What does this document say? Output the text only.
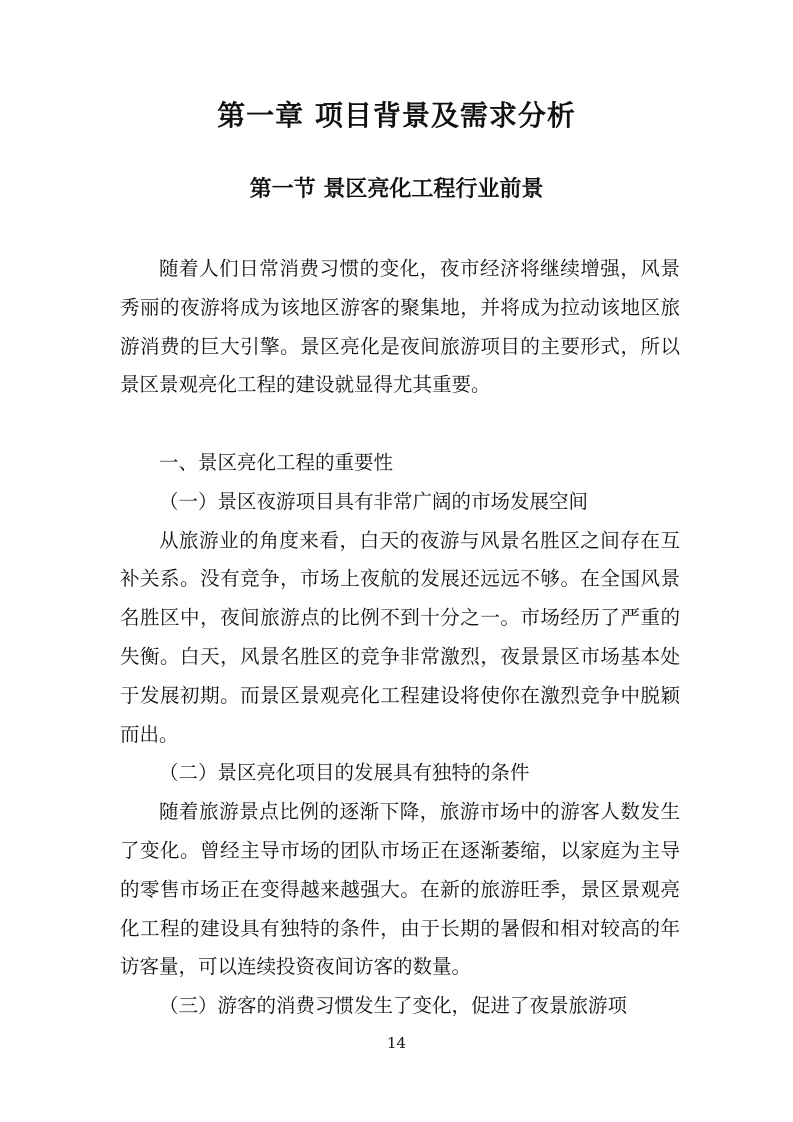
第一章 项目背景及需求分析
第一节 景区亮化工程行业前景

随着人们日常消费习惯的变化，夜市经济将继续增强，风景秀丽的夜游将成为该地区游客的聚集地，并将成为拉动该地区旅游消费的巨大引擎。景区亮化是夜间旅游项目的主要形式，所以景区景观亮化工程的建设就显得尤其重要。

一、景区亮化工程的重要性

（一）景区夜游项目具有非常广阔的市场发展空间

从旅游业的角度来看，白天的夜游与风景名胜区之间存在互补关系。没有竞争，市场上夜航的发展还远远不够。在全国风景名胜区中，夜间旅游点的比例不到十分之一。市场经历了严重的失衡。白天，风景名胜区的竞争非常激烈，夜景景区市场基本处于发展初期。而景区景观亮化工程建设将使你在激烈竞争中脱颖而出。

（二）景区亮化项目的发展具有独特的条件

随着旅游景点比例的逐渐下降，旅游市场中的游客人数发生了变化。曾经主导市场的团队市场正在逐渐萎缩，以家庭为主导的零售市场正在变得越来越强大。在新的旅游旺季，景区景观亮化工程的建设具有独特的条件，由于长期的暑假和相对较高的年访客量，可以连续投资夜间访客的数量。

（三）游客的消费习惯发生了变化，促进了夜景旅游项

14
